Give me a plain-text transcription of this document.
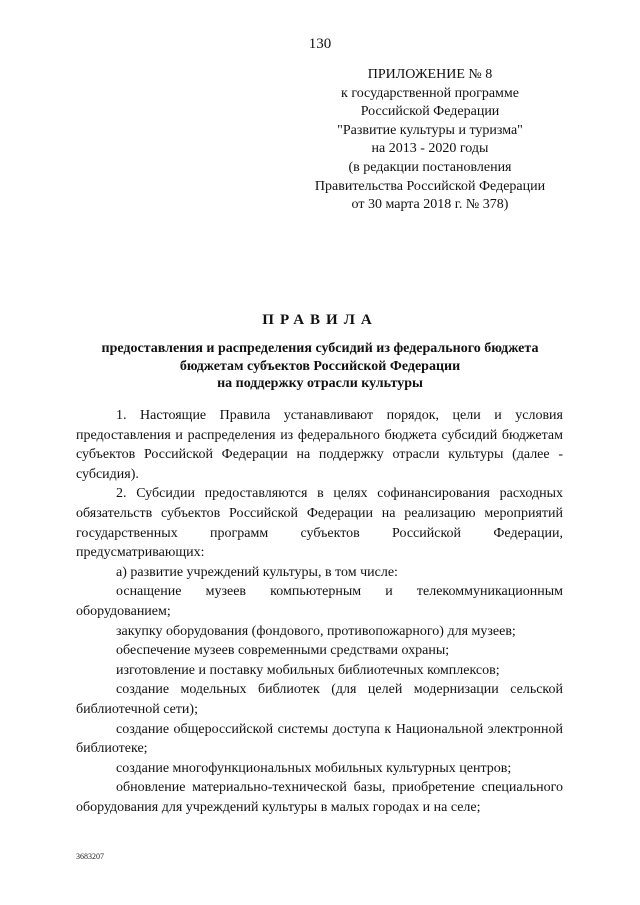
130
ПРИЛОЖЕНИЕ № 8
к государственной программе
Российской Федерации
"Развитие культуры и туризма"
на 2013 - 2020 годы
(в редакции постановления
Правительства Российской Федерации
от 30 марта 2018 г. № 378)
ПРАВИЛА
предоставления и распределения субсидий из федерального бюджета
бюджетам субъектов Российской Федерации
на поддержку отрасли культуры

1. Настоящие Правила устанавливают порядок, цели и условия предоставления и распределения из федерального бюджета субсидий бюджетам субъектов Российской Федерации на поддержку отрасли культуры (далее - субсидия).

2. Субсидии предоставляются в целях софинансирования расходных обязательств субъектов Российской Федерации на реализацию мероприятий государственных программ субъектов Российской Федерации, предусматривающих:

а) развитие учреждений культуры, в том числе:

оснащение музеев компьютерным и телекоммуникационным оборудованием;

закупку оборудования (фондового, противопожарного) для музеев;

обеспечение музеев современными средствами охраны;

изготовление и поставку мобильных библиотечных комплексов;

создание модельных библиотек (для целей модернизации сельской библиотечной сети);

создание общероссийской системы доступа к Национальной электронной библиотеке;

создание многофункциональных мобильных культурных центров;

обновление материально-технической базы, приобретение специального оборудования для учреждений культуры в малых городах и на селе;

3683207
